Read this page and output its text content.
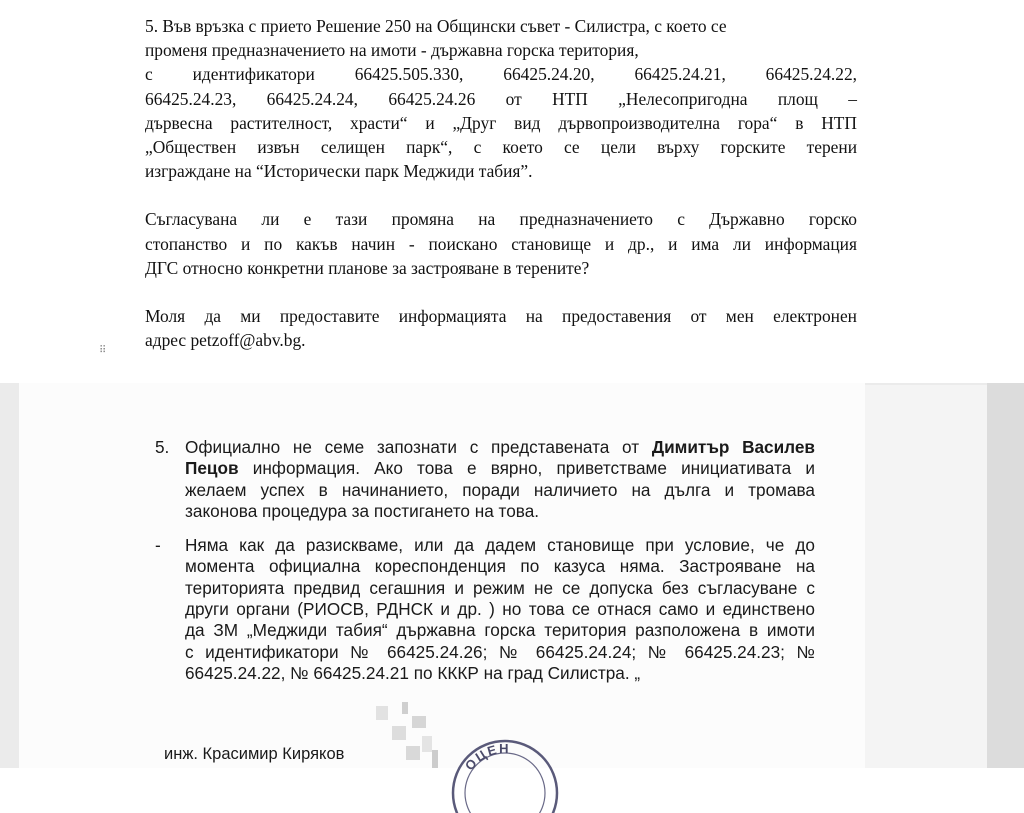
5. Във връзка с прието Решение 250 на Общински съвет - Силистра, с което се
променя предназначението на имоти - държавна горска територия,
с идентификатори 66425.505.330, 66425.24.20, 66425.24.21, 66425.24.22,
66425.24.23, 66425.24.24, 66425.24.26 от НТП „Нелесопригодна площ –
дървесна растителност, храсти“ и „Друг вид дървопроизводителна гора“ в НТП
„Обществен извън селищен парк“, с което се цели върху горските терени
изграждане на “Исторически парк Меджиди табия”.

Съгласувана ли е тази промяна на предназначението с Държавно горско
стопанство и по какъв начин - поискано становище и др., и има ли информация
ДГС относно конкретни планове за застрояване в терените?

Моля да ми предоставите информацията на предоставения от мен електронен
адрес petzoff@abv.bg.

⠿
5. Официално не семе запознати с представената от Димитър Василев
Пецов информация. Ако това е вярно, приветстваме инициативата и
желаем успех в начинанието, поради наличието на дълга и тромава
законова процедура за постигането на това.
- Няма как да разискваме, или да дадем становище при условие, че до
момента официална кореспонденция по казуса няма. Застрояване на
територията предвид сегашния и режим не се допуска без съгласуване с
други органи (РИОСВ, РДНСК и др. ) но това се отнася само и единствено
да ЗМ „Меджиди табия“ държавна горска територия разположена в имоти
с идентификатори № 66425.24.26; № 66425.24.24; № 66425.24.23; №
66425.24.22, № 66425.24.21 по КККР на град Силистра. „
ОЦЕН
инж. Красимир Киряков
